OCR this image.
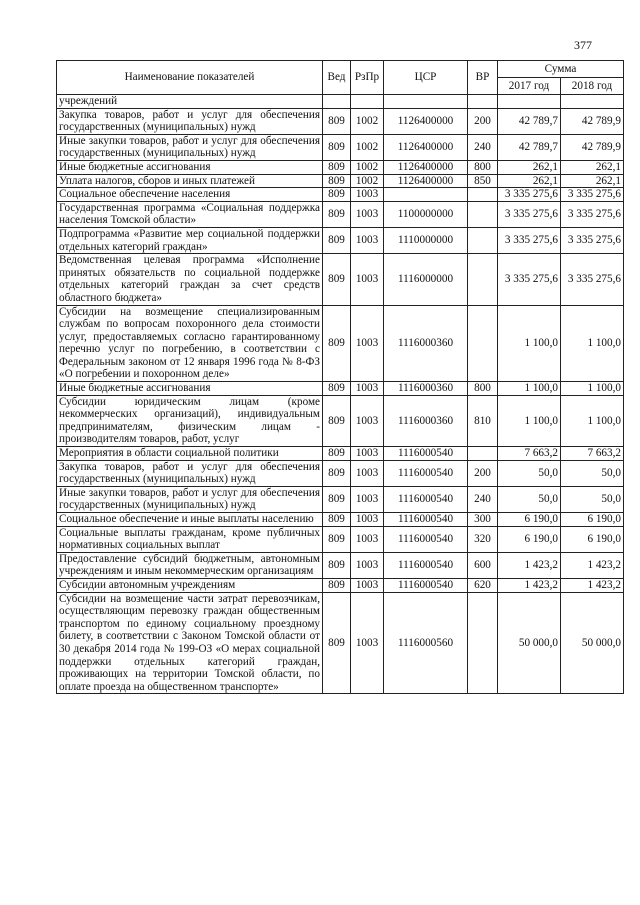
377
Наименование показателей	Вед	РзПр	ЦСР	ВР	Сумма	
					2017 год	2018 год
учреждений						
Закупка товаров, работ и услуг для обеспечения государственных (муниципальных) нужд	809	1002	1126400000	200	42 789,7	42 789,9
Иные закупки товаров, работ и услуг для обеспечения государственных (муниципальных) нужд	809	1002	1126400000	240	42 789,7	42 789,9
Иные бюджетные ассигнования	809	1002	1126400000	800	262,1	262,1
Уплата налогов, сборов и иных платежей	809	1002	1126400000	850	262,1	262,1
Социальное обеспечение населения	809	1003			3 335 275,6	3 335 275,6
Государственная программа «Социальная поддержка населения Томской области»	809	1003	1100000000		3 335 275,6	3 335 275,6
Подпрограмма «Развитие мер социальной поддержки отдельных категорий граждан»	809	1003	1110000000		3 335 275,6	3 335 275,6
Ведомственная целевая программа «Исполнение принятых обязательств по социальной поддержке отдельных категорий граждан за счет средств областного бюджета»	809	1003	1116000000		3 335 275,6	3 335 275,6
Субсидии на возмещение специализированным службам по вопросам похоронного дела стоимости услуг, предоставляемых согласно гарантированному перечню услуг по погребению, в соответствии с Федеральным законом от 12 января 1996 года № 8-ФЗ «О погребении и похоронном деле»	809	1003	1116000360		1 100,0	1 100,0
Иные бюджетные ассигнования	809	1003	1116000360	800	1 100,0	1 100,0
Субсидии юридическим лицам (кроме некоммерческих организаций), индивидуальным предпринимателям, физическим лицам - производителям товаров, работ, услуг	809	1003	1116000360	810	1 100,0	1 100,0
Мероприятия в области социальной политики	809	1003	1116000540		7 663,2	7 663,2
Закупка товаров, работ и услуг для обеспечения государственных (муниципальных) нужд	809	1003	1116000540	200	50,0	50,0
Иные закупки товаров, работ и услуг для обеспечения государственных (муниципальных) нужд	809	1003	1116000540	240	50,0	50,0
Социальное обеспечение и иные выплаты населению	809	1003	1116000540	300	6 190,0	6 190,0
Социальные выплаты гражданам, кроме публичных нормативных социальных выплат	809	1003	1116000540	320	6 190,0	6 190,0
Предоставление субсидий бюджетным, автономным учреждениям и иным некоммерческим организациям	809	1003	1116000540	600	1 423,2	1 423,2
Субсидии автономным учреждениям	809	1003	1116000540	620	1 423,2	1 423,2
Субсидии на возмещение части затрат перевозчикам, осуществляющим перевозку граждан общественным транспортом по единому социальному проездному билету, в соответствии с Законом Томской области от 30 декабря 2014 года № 199-ОЗ «О мерах социальной поддержки отдельных категорий граждан, проживающих на территории Томской области, по оплате проезда на общественном транспорте»	809	1003	1116000560		50 000,0	50 000,0
